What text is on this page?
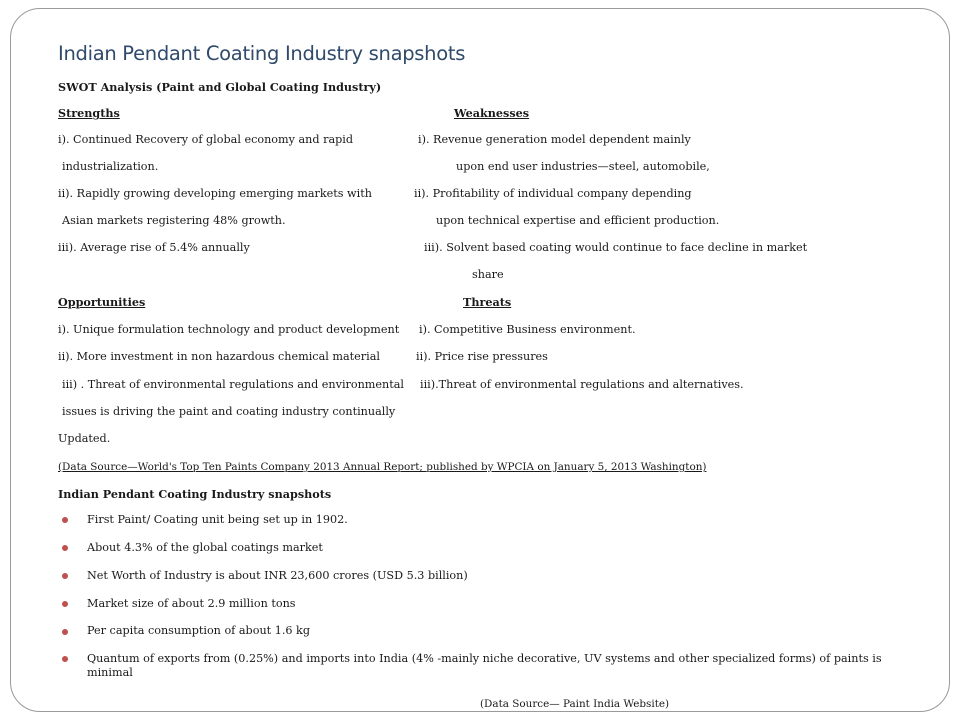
Indian Pendant Coating Industry snapshots
SWOT Analysis (Paint and Global Coating Industry)
Strengths	Weaknesses
i). Continued Recovery of global economy and rapid	i). Revenue generation model dependent mainly
industrialization.	upon end user industries—steel, automobile,
ii). Rapidly growing developing emerging markets with	ii). Profitability of individual company depending
Asian markets registering 48% growth.	upon technical expertise and efficient production.
iii). Average rise of 5.4% annually	iii). Solvent based coating would continue to face decline in market
share
Opportunities	Threats
i). Unique formulation technology and product development i). Competitive Business environment.
ii). More investment in non hazardous chemical material	ii). Price rise pressures
iii) . Threat of environmental regulations and environmental iii).Threat of environmental regulations and alternatives.
issues is driving the paint and coating industry continually
Updated.
(Data Source—World's Top Ten Paints Company 2013 Annual Report; published by WPCIA on January 5, 2013 Washington)
Indian Pendant Coating Industry snapshots
First Paint/ Coating unit being set up in 1902.
About 4.3% of the global coatings market
Net Worth of Industry is about INR 23,600 crores (USD 5.3 billion)
Market size of about 2.9 million tons
Per capita consumption of about 1.6 kg
Quantum of exports from (0.25%) and imports into India (4% -mainly niche decorative, UV systems and other specialized forms) of paints is minimal
(Data Source— Paint India Website)
